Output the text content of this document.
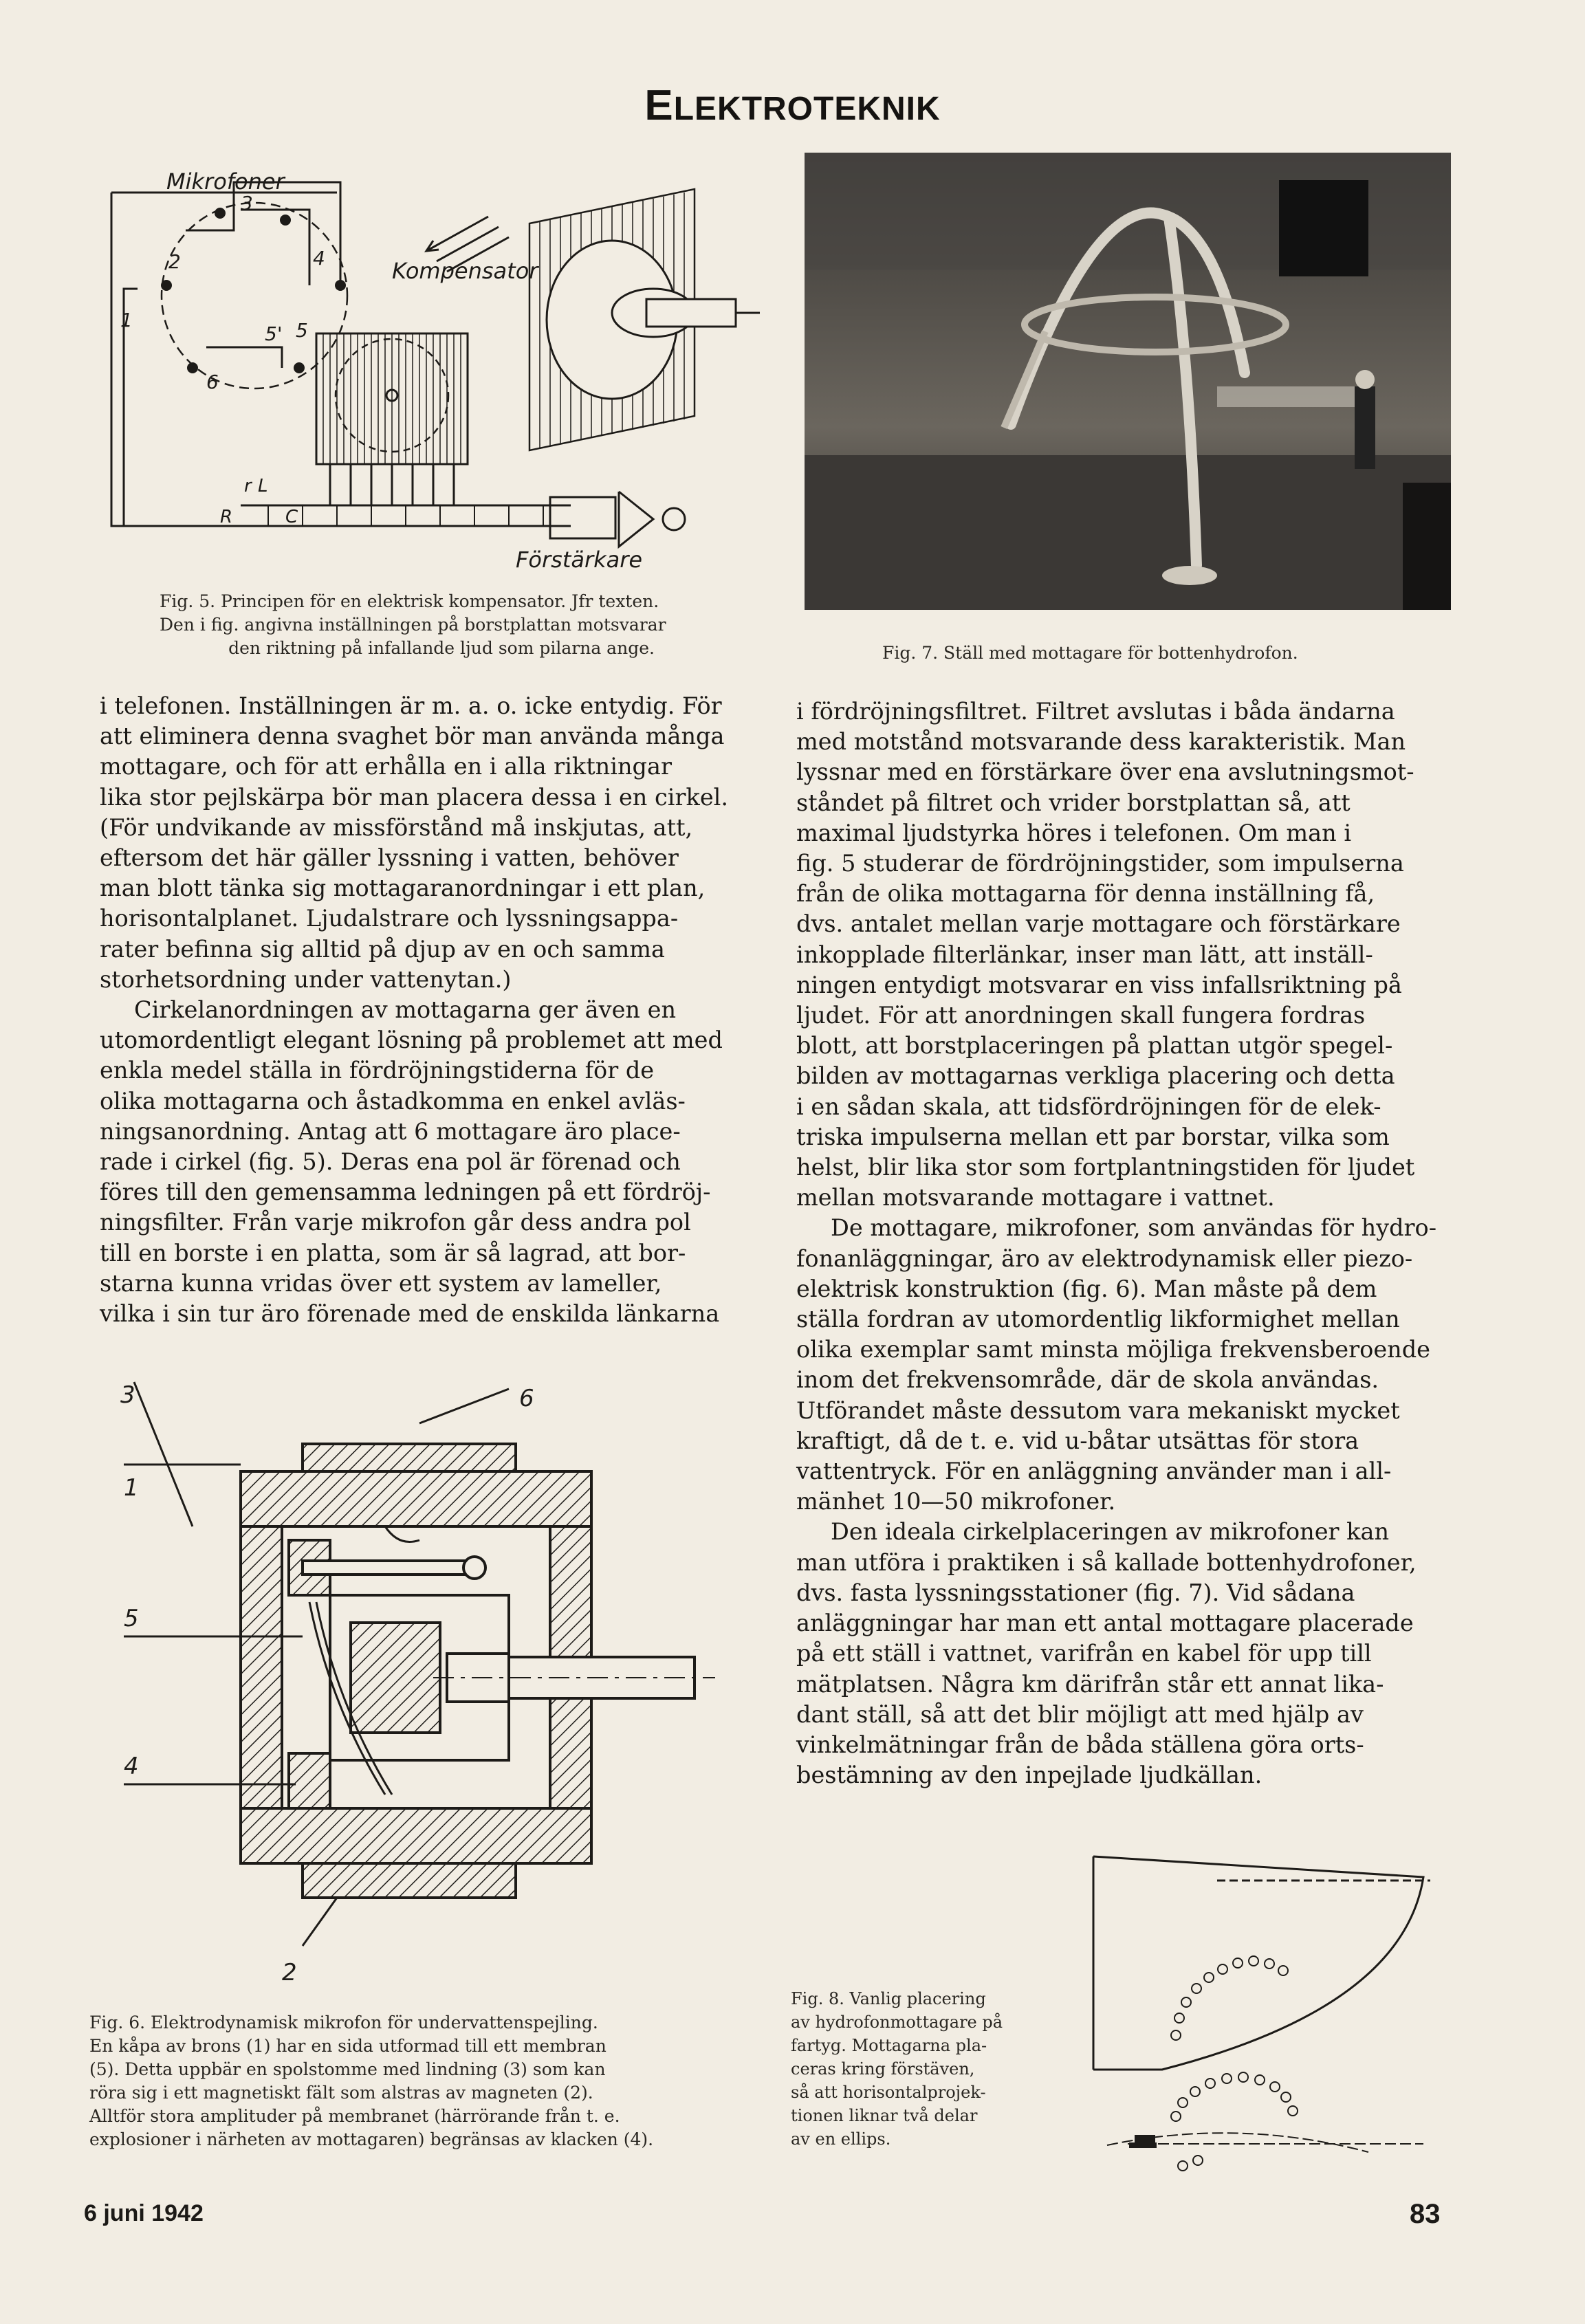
ELEKTROTEKNIK
Mikrofoner
Kompensator
Förstärkare
2
3
4
1	5
5'
6
r L
C
R
Fig. 5. Principen för en elektrisk kompensator. Jfr texten.
Den i fig. angivna inställningen på borstplattan motsvarar
den riktning på infallande ljud som pilarna ange.	Fig. 7. Ställ med mottagare för bottenhydrofon.

i telefonen. Inställningen är m. a. o. icke entydig. För

att eliminera denna svaghet bör man använda många

mottagare, och för att erhålla en i alla riktningar

lika stor pejlskärpa bör man placera dessa i en cirkel.

(För undvikande av missförstånd må inskjutas, att,

eftersom det här gäller lyssning i vatten, behöver

man blott tänka sig mottagaranordningar i ett plan,

horisontalplanet. Ljudalstrare och lyssningsappa-

rater befinna sig alltid på djup av en och samma

storhetsordning under vattenytan.)

Cirkelanordningen av mottagarna ger även en

utomordentligt elegant lösning på problemet att med

enkla medel ställa in fördröjningstiderna för de

olika mottagarna och åstadkomma en enkel avläs-

ningsanordning. Antag att 6 mottagare äro place-

rade i cirkel (fig. 5). Deras ena pol är förenad och

föres till den gemensamma ledningen på ett fördröj-

ningsfilter. Från varje mikrofon går dess andra pol

till en borste i en platta, som är så lagrad, att bor-

starna kunna vridas över ett system av lameller,

vilka i sin tur äro förenade med de enskilda länkarna

i fördröjningsfiltret. Filtret avslutas i båda ändarna

med motstånd motsvarande dess karakteristik. Man

lyssnar med en förstärkare över ena avslutningsmot-

ståndet på filtret och vrider borstplattan så, att

maximal ljudstyrka höres i telefonen. Om man i

fig. 5 studerar de fördröjningstider, som impulserna

från de olika mottagarna för denna inställning få,

dvs. antalet mellan varje mottagare och förstärkare

inkopplade filterlänkar, inser man lätt, att inställ-

ningen entydigt motsvarar en viss infallsriktning på

ljudet. För att anordningen skall fungera fordras

blott, att borstplaceringen på plattan utgör spegel-

bilden av mottagarnas verkliga placering och detta

i en sådan skala, att tidsfördröjningen för de elek-

triska impulserna mellan ett par borstar, vilka som

helst, blir lika stor som fortplantningstiden för ljudet

mellan motsvarande mottagare i vattnet.

De mottagare, mikrofoner, som användas för hydro-

fonanläggningar, äro av elektrodynamisk eller piezo-

elektrisk konstruktion (fig. 6). Man måste på dem

ställa fordran av utomordentlig likformighet mellan

olika exemplar samt minsta möjliga frekvensberoende

inom det frekvensområde, där de skola användas.

Utförandet måste dessutom vara mekaniskt mycket

kraftigt, då de t. e. vid u-båtar utsättas för stora

vattentryck. För en anläggning använder man i all-

mänhet 10—50 mikrofoner.

Den ideala cirkelplaceringen av mikrofoner kan

man utföra i praktiken i så kallade bottenhydrofoner,

dvs. fasta lyssningsstationer (fig. 7). Vid sådana

anläggningar har man ett antal mottagare placerade

på ett ställ i vattnet, varifrån en kabel för upp till

mätplatsen. Några km därifrån står ett annat lika-

dant ställ, så att det blir möjligt att med hjälp av

vinkelmätningar från de båda ställena göra orts-

bestämning av den inpejlade ljudkällan.

3	6
1
5
4
2
Fig. 6. Elektrodynamisk mikrofon för undervattenspejling.
En kåpa av brons (1) har en sida utformad till ett membran
(5). Detta uppbär en spolstomme med lindning (3) som kan
röra sig i ett magnetiskt fält som alstras av magneten (2).
Alltför stora amplituder på membranet (härrörande från t. e.
explosioner i närheten av mottagaren) begränsas av klacken (4).
Fig. 8. Vanlig placering
av hydrofonmottagare på
fartyg. Mottagarna pla-
ceras kring förstäven,
så att horisontalprojek-
tionen liknar två delar
av en ellips.
6 juni 1942	83
